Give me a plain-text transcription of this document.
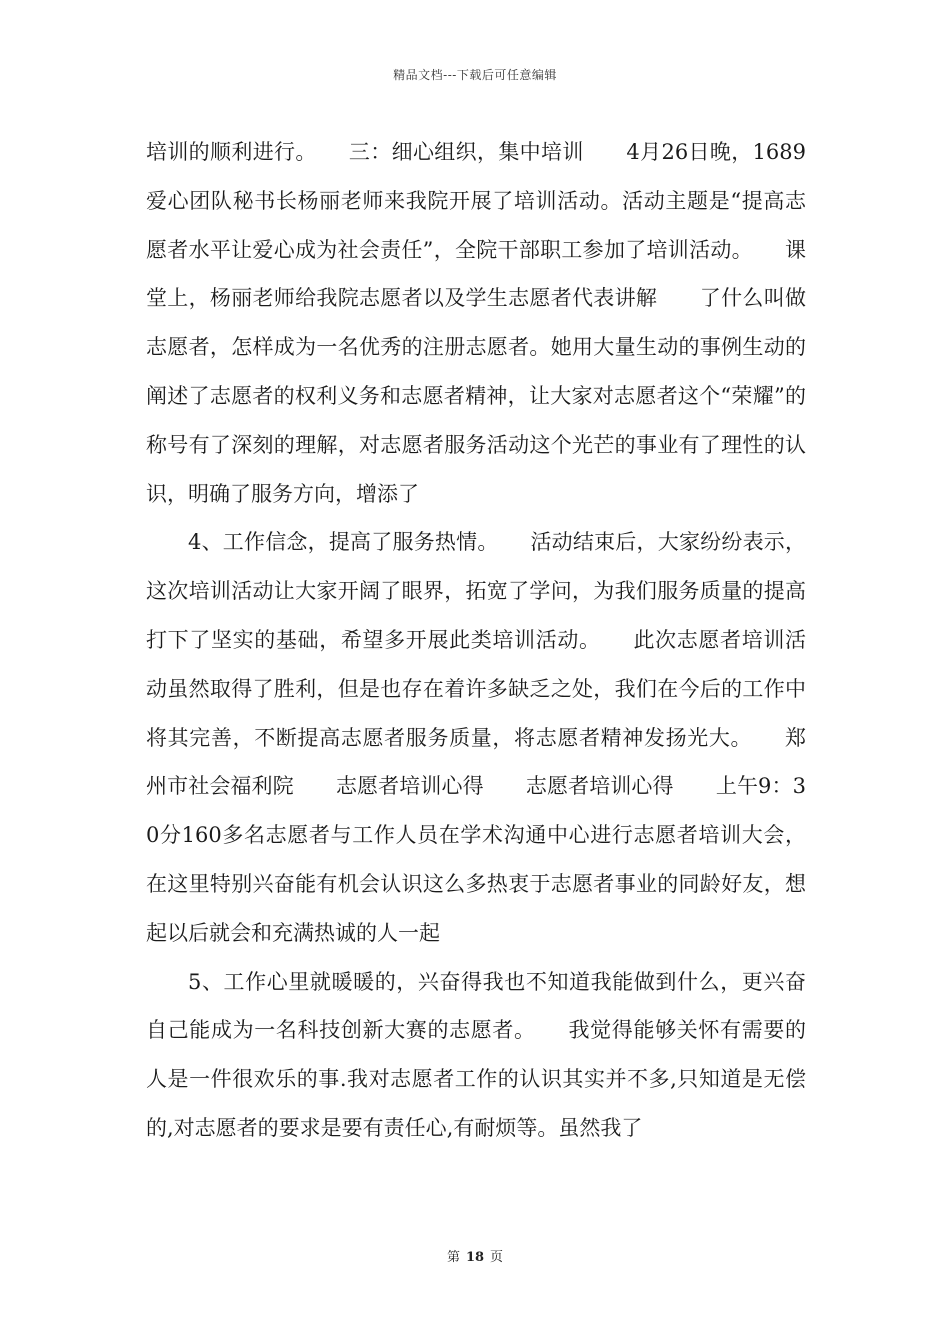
精品文档---下载后可任意编辑

培训的顺利进行。　　三：细心组织，集中培训　　4月26日晚，1689爱心团队秘书长杨丽老师来我院开展了培训活动。活动主题是“提高志愿者水平让爱心成为社会责任”，全院干部职工参加了培训活动。　　课堂上，杨丽老师给我院志愿者以及学生志愿者代表讲解　　了什么叫做志愿者，怎样成为一名优秀的注册志愿者。她用大量生动的事例生动的阐述了志愿者的权利义务和志愿者精神，让大家对志愿者这个“荣耀”的称号有了深刻的理解，对志愿者服务活动这个光芒的事业有了理性的认识，明确了服务方向，增添了

4、工作信念，提高了服务热情。　　活动结束后，大家纷纷表示，这次培训活动让大家开阔了眼界，拓宽了学问，为我们服务质量的提高打下了坚实的基础，希望多开展此类培训活动。　　此次志愿者培训活动虽然取得了胜利，但是也存在着许多缺乏之处，我们在今后的工作中将其完善，不断提高志愿者服务质量，将志愿者精神发扬光大。　　郑州市社会福利院　　志愿者培训心得　　志愿者培训心得　　上午9：30分160多名志愿者与工作人员在学术沟通中心进行志愿者培训大会，在这里特别兴奋能有机会认识这么多热衷于志愿者事业的同龄好友，想起以后就会和充满热诚的人一起

5、工作心里就暖暖的，兴奋得我也不知道我能做到什么，更兴奋自己能成为一名科技创新大赛的志愿者。　　我觉得能够关怀有需要的人是一件很欢乐的事.我对志愿者工作的认识其实并不多,只知道是无偿的,对志愿者的要求是要有责任心,有耐烦等。虽然我了

第 18 页
